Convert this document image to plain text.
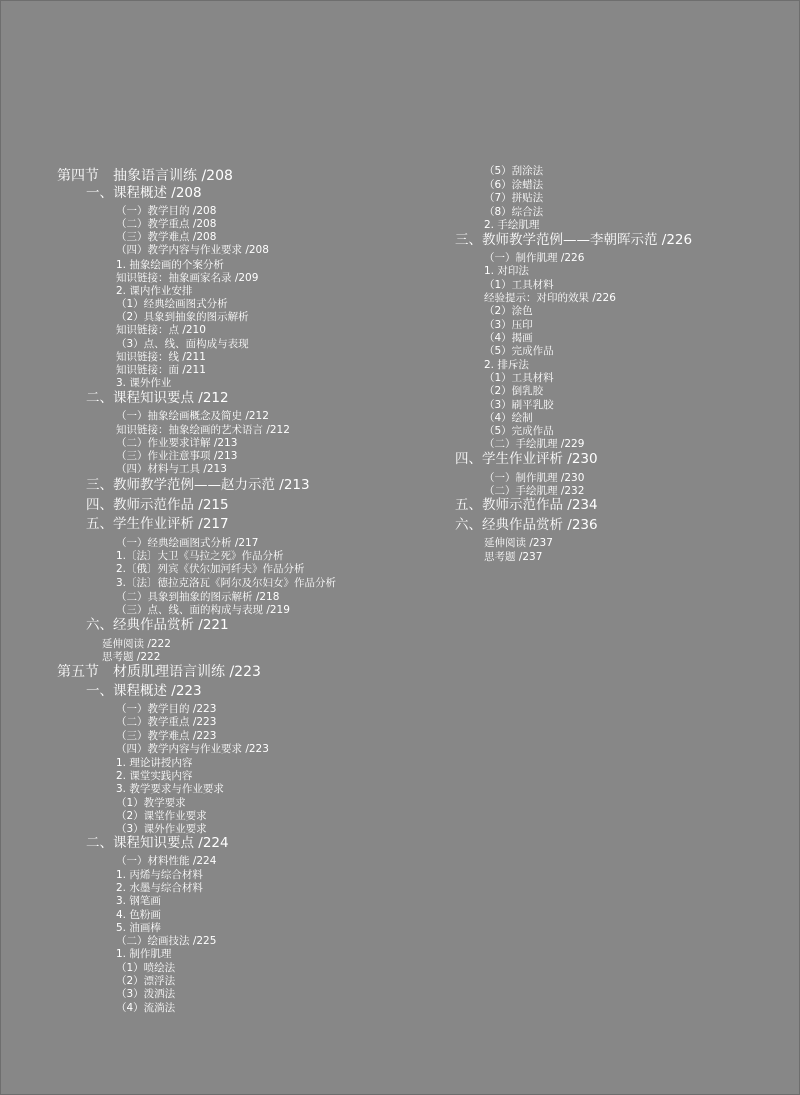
第四节　抽象语言训练 /208
一、课程概述 /208
（一）教学目的 /208
（二）教学重点 /208
（三）教学难点 /208
（四）教学内容与作业要求 /208
1. 抽象绘画的个案分析
知识链接：抽象画家名录 /209
2. 课内作业安排
（1）经典绘画图式分析
（2）具象到抽象的图示解析
知识链接：点 /210
（3）点、线、面构成与表现
知识链接：线 /211
知识链接：面 /211
3. 课外作业
二、课程知识要点 /212
（一）抽象绘画概念及简史 /212
知识链接：抽象绘画的艺术语言 /212
（二）作业要求详解 /213
（三）作业注意事项 /213
（四）材料与工具 /213
三、教师教学范例——赵力示范 /213
四、教师示范作品 /215
五、学生作业评析 /217
（一）经典绘画图式分析 /217
1.〔法〕大卫《马拉之死》作品分析
2.〔俄〕列宾《伏尔加河纤夫》作品分析
3.〔法〕德拉克洛瓦《阿尔及尔妇女》作品分析
（二）具象到抽象的图示解析 /218
（三）点、线、面的构成与表现 /219
六、经典作品赏析 /221
延伸阅读 /222
思考题 /222
第五节　材质肌理语言训练 /223
一、课程概述 /223
（一）教学目的 /223
（二）教学重点 /223
（三）教学难点 /223
（四）教学内容与作业要求 /223
1. 理论讲授内容
2. 课堂实践内容
3. 教学要求与作业要求
（1）教学要求
（2）课堂作业要求
（3）课外作业要求
二、课程知识要点 /224
（一）材料性能 /224
1. 丙烯与综合材料
2. 水墨与综合材料
3. 钢笔画
4. 色粉画
5. 油画棒
（二）绘画技法 /225
1. 制作肌理
（1）喷绘法
（2）漂浮法
（3）泼洒法
（4）流淌法
（5）刮涂法
（6）涂蜡法
（7）拼贴法
（8）综合法
2. 手绘肌理
三、教师教学范例——李朝晖示范 /226
（一）制作肌理 /226
1. 对印法
（1）工具材料
经验提示：对印的效果 /226
（2）涂色
（3）压印
（4）揭画
（5）完成作品
2. 排斥法
（1）工具材料
（2）倒乳胶
（3）刷平乳胶
（4）绘制
（5）完成作品
（二）手绘肌理 /229
四、学生作业评析 /230
（一）制作肌理 /230
（二）手绘肌理 /232
五、教师示范作品 /234
六、经典作品赏析 /236
延伸阅读 /237
思考题 /237
